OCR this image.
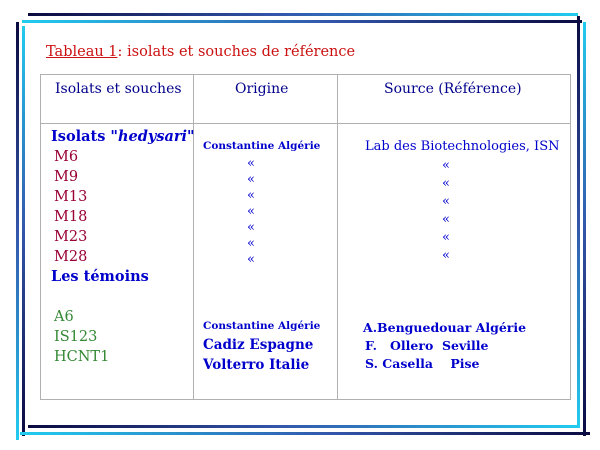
Tableau 1: isolats et souches de référence
Isolats et souches	Origine	Source (Référence)
Isolats "hedysari"
M6
M9
M13
M18
M23
M28
Les témoins
A6
IS123
HCNT1
Constantine Algérie
«
«
«
«
«
«
«
Constantine Algérie
Cadiz Espagne
Volterro Italie
Lab des Biotechnologies, ISN
«
«
«
«
«
«
A.Benguedouar Algérie
F.   Ollero  Seville
S. Casella    Pise
